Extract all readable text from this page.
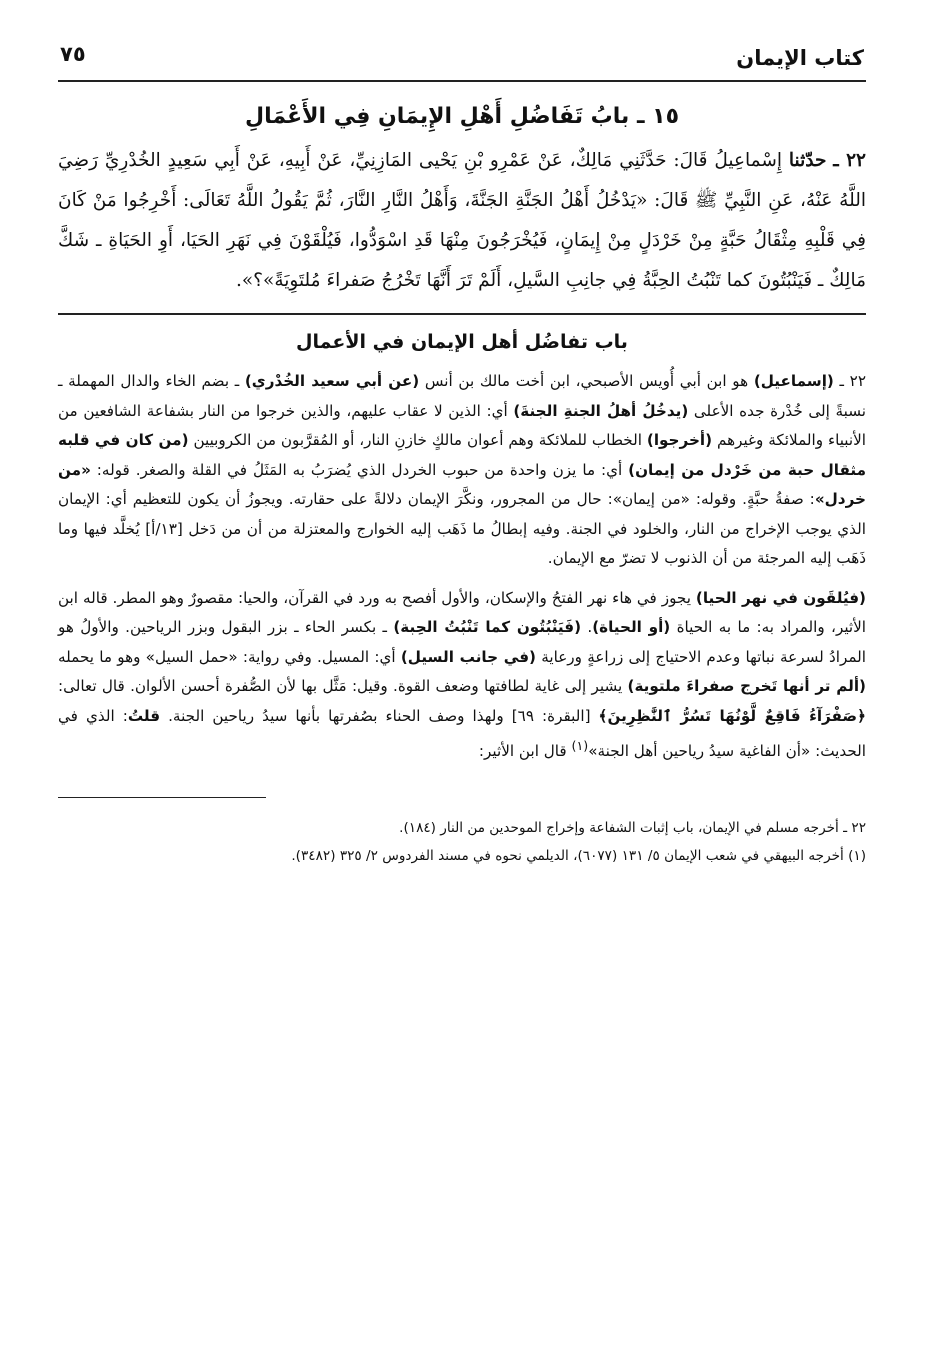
كتاب الإيمان
٧٥
١٥ ـ بابُ تَفَاضُلِ أَهْلِ الإِيمَانِ فِي الأَعْمَالِ

٢٢ ـ حدّثنا إِسْماعِيلُ قَالَ: حَدَّثَنِي مَالِكٌ، عَنْ عَمْرِو بْنِ يَحْيى المَازِنِيِّ، عَنْ أَبِيهِ، عَنْ أَبِي سَعِيدٍ الخُدْرِيِّ رَضِيَ اللَّهُ عَنْهُ، عَنِ النَّبِيِّ ﷺ قَالَ: «يَدْخُلُ أَهْلُ الجَنَّةِ الجَنَّةَ، وَأَهْلُ النَّارِ النَّارَ، ثُمَّ يَقُولُ اللَّهُ تَعَالَى: أَخْرِجُوا مَنْ كَانَ فِي قَلْبِهِ مِثْقَالُ حَبَّةٍ مِنْ خَرْدَلٍ مِنْ إِيمَانٍ، فَيُخْرَجُونَ مِنْهَا قَدِ اسْوَدُّوا، فَيُلْقَوْنَ فِي نَهَرِ الحَيَا، أَوِ الحَيَاةِ ـ شَكَّ مَالِكٌ ـ فَيَنْبُتُونَ كما تَنْبُتُ الحِبَّةُ فِي جانِبِ السَّيلِ، أَلَمْ تَرَ أَنَّهَا تَخْرُجُ صَفراءَ مُلتَوِيَةً»؟».

باب تفاضُل أهل الإيمان في الأعمال

٢٢ ـ (إسماعيل) هو ابن أبي أُويس الأصبحي، ابن أخت مالك بن أنس (عن أبي سعيد الخُدْري) ـ بضم الخاء والدال المهملة ـ نسبةً إلى خُدْرة جده الأعلى (يدخُلُ أهلُ الجنةِ الجنةَ) أي: الذين لا عقاب عليهم، والذين خرجوا من النار بشفاعة الشافعين من الأنبياء والملائكة وغيرهم (أخرجوا) الخطاب للملائكة وهم أعوان مالكٍ خازنِ النار، أو المُقرَّبون من الكروبيين (من كان في قلبه مثقال حبة من خَرْدل من إيمان) أي: ما يزن واحدة من حبوب الخردل الذي يُضرَبُ به المَثَلُ في القلة والصغر. قوله: «من خردل»: صفةُ حبَّةٍ. وقوله: «من إيمان»: حال من المجرور، ونكَّرَ الإيمان دلالةً على حقارته. ويجوزُ أن يكون للتعظيم أي: الإيمان الذي يوجب الإخراج من النار، والخلود في الجنة. وفيه إبطالُ ما ذَهَب إليه الخوارج والمعتزلة من أن من دَخل [١٣/أ] يُخلَّد فيها وما ذَهَب إليه المرجئة من أن الذنوب لا تضرّ مع الإيمان.

(فيُلقَون في نهر الحيا) يجوز في هاء نهر الفتحُ والإسكان، والأول أفصح به ورد في القرآن، والحيا: مقصورٌ وهو المطر. قاله ابن الأثير، والمراد به: ما به الحياة (أو الحياة). (فَيَنْبُتُون كما تَنْبُتُ الحِبة) ـ بكسر الحاء ـ بزر البقول وبزر الرياحين. والأولُ هو المرادُ لسرعة نباتها وعدم الاحتياج إلى زراعةٍ ورعاية (في جانب السيل) أي: المسيل. وفي رواية: «حمل السيل» وهو ما يحمله (ألم تر أنها تَخرج صفراءَ ملتوية) يشير إلى غاية لطافتها وضعف القوة. وقيل: مَثَّل بها لأن الصُّفرة أحسن الألوان. قال تعالى: ﴿صَفْرَآءُ فَاقِعٌ لَّوْنُهَا تَسُرُّ ٱلنَّٰظِرِينَ﴾ [البقرة: ٦٩] ولهذا وصف الحناء بصُفرتها بأنها سيدُ رياحين الجنة. قلتُ: الذي في الحديث: «أن الفاغية سيدُ رياحين أهل الجنة»$^{(١)}$ قال ابن الأثير:

٢٢ ـ أخرجه مسلم في الإيمان، باب إثبات الشفاعة وإخراج الموحدين من النار (١٨٤).

(١) أخرجه البيهقي في شعب الإيمان ٥/ ١٣١ (٦٠٧٧)، الديلمي نحوه في مسند الفردوس ٢/ ٣٢٥ (٣٤٨٢).
